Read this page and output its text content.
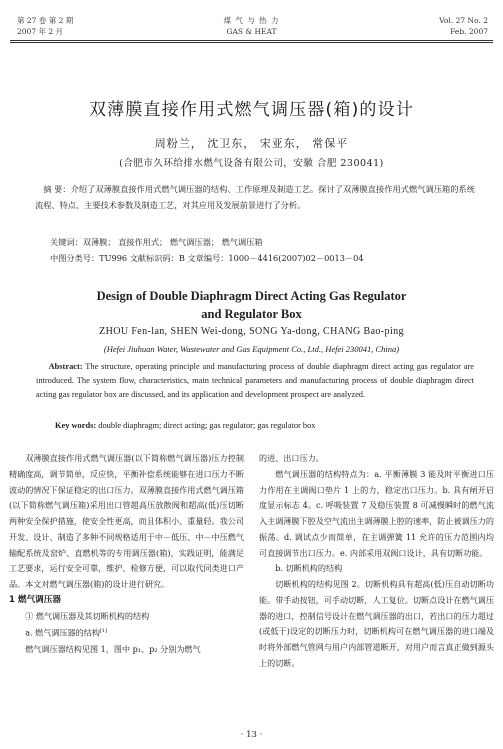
第 27 卷 第 2 期
2007 年 2 月
煤 气 与 热 力
GAS & HEAT
Vol. 27 No. 2
Feb. 2007
双薄膜直接作用式燃气调压器(箱)的设计
周粉兰， 沈卫东， 宋亚东， 常保平
(合肥市久环给排水燃气设备有限公司，安徽 合肥 230041)
摘 要：介绍了双薄膜直接作用式燃气调压器的结构、工作原理及制造工艺。探讨了双薄膜直接作用式燃气调压箱的系统流程、特点、主要技术参数及制造工艺，对其应用及发展前景进行了分析。
关键词：双薄膜； 直接作用式； 燃气调压器； 燃气调压箱
中图分类号：TU996 文献标识码：B 文章编号：1000－4416(2007)02－0013－04
Design of Double Diaphragm Direct Acting Gas Regulator
and Regulator Box
ZHOU Fen-lan, SHEN Wei-dong, SONG Ya-dong, CHANG Bao-ping
(Hefei Jiuhuan Water, Wastewater and Gas Equipment Co., Ltd., Hefei 230041, China)
Abstract: The structure, operating principle and manufacturing process of double diaphragm direct acting gas regulator are introduced. The system flow, characteristics, main technical parameters and manufacturing process of double diaphragm direct acting gas regulator box are discussed, and its application and development prospect are analyzed.
Key words: double diaphragm; direct acting; gas regulator; gas regulator box

双薄膜直接作用式燃气调压器(以下简称燃气调压器)压力控制精确度高，调节简单，反应快，平衡补偿系统能够在进口压力不断波动的情况下保证稳定的出口压力。双薄膜直接作用式燃气调压箱(以下简称燃气调压箱)采用出口管超高压放散阀和超高(低)压切断两种安全保护措施，使安全性更高，而且体积小、重量轻。我公司开发、设计、制造了多种不同规格适用于中－低压、中－中压燃气输配系统及窑炉、直燃机等的专用调压器(箱)，实践证明，能满足工艺要求，运行安全可靠，维护、检修方便，可以取代同类进口产品。本文对燃气调压器(箱)的设计进行研究。

1 燃气调压器

① 燃气调压器及其切断机构的结构

a. 燃气调压器的结构[1]

燃气调压器结构见图 1，图中 p₁、p₂ 分别为燃气

的进、出口压力。

燃气调压器的结构特点为：a. 平衡薄膜 3 能及时平衡进口压力作用在主调阀口垫片 1 上的力，稳定出口压力。b. 具有闸开启度显示标志 4。c. 呼吸装置 7 及稳压装置 8 可减慢瞬时的燃气流入主调薄膜下腔及空气流出主调薄膜上腔的速率，防止被调压力的振荡。d. 调试点少而简单，在主调弹簧 11 允许的压力范围内均可直接调节出口压力。e. 内部采用双阀口设计，具有切断功能。

b. 切断机构的结构

切断机构的结构见图 2。切断机构具有超高(低)压自动切断功能。带手动按钮，可手动切断，人工复位。切断点设计在燃气调压器的进口，控制信号设计在燃气调压器的出口，若出口的压力超过(或低于)设定的切断压力时，切断机构可在燃气调压器的进口端及时将外部燃气管网与用户内部管道断开，对用户而言真正做到源头上的切断。

· 13 ·
